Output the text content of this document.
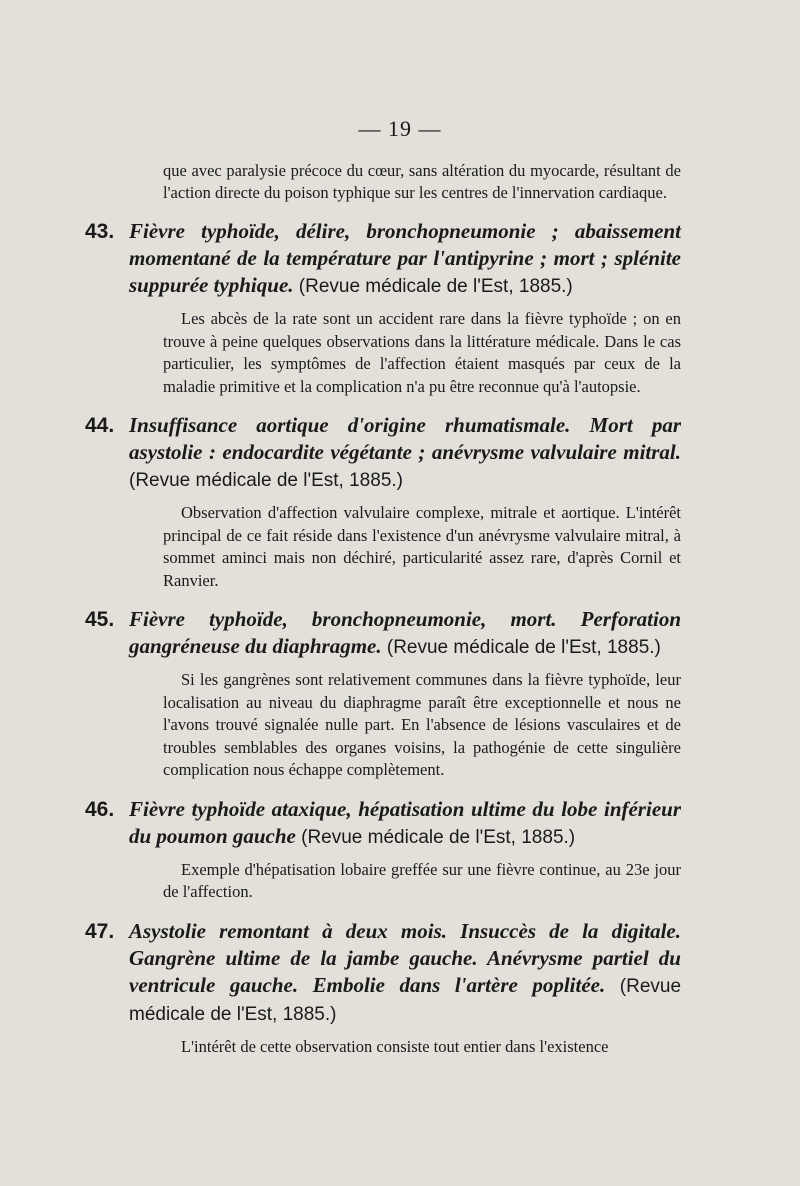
— 19 —

que avec paralysie précoce du cœur, sans altération du myocarde, résultant de l'action directe du poison typhique sur les centres de l'innervation cardiaque.

43. Fièvre typhoïde, délire, bronchopneumonie ; abaissement momentané de la température par l'antipyrine ; mort ; splénite suppurée typhique. (Revue médicale de l'Est, 1885.)

Les abcès de la rate sont un accident rare dans la fièvre typhoïde ; on en trouve à peine quelques observations dans la littérature médicale. Dans le cas particulier, les symptômes de l'affection étaient masqués par ceux de la maladie primitive et la complication n'a pu être reconnue qu'à l'autopsie.

44. Insuffisance aortique d'origine rhumatismale. Mort par asystolie : endocardite végétante ; anévrysme valvulaire mitral. (Revue médicale de l'Est, 1885.)

Observation d'affection valvulaire complexe, mitrale et aortique. L'intérêt principal de ce fait réside dans l'existence d'un anévrysme valvulaire mitral, à sommet aminci mais non déchiré, particularité assez rare, d'après Cornil et Ranvier.

45. Fièvre typhoïde, bronchopneumonie, mort. Perforation gangréneuse du diaphragme. (Revue médicale de l'Est, 1885.)

Si les gangrènes sont relativement communes dans la fièvre typhoïde, leur localisation au niveau du diaphragme paraît être exceptionnelle et nous ne l'avons trouvé signalée nulle part. En l'absence de lésions vasculaires et de troubles semblables des organes voisins, la pathogénie de cette singulière complication nous échappe complètement.

46. Fièvre typhoïde ataxique, hépatisation ultime du lobe inférieur du poumon gauche (Revue médicale de l'Est, 1885.)

Exemple d'hépatisation lobaire greffée sur une fièvre continue, au 23e jour de l'affection.

47. Asystolie remontant à deux mois. Insuccès de la digitale. Gangrène ultime de la jambe gauche. Anévrysme partiel du ventricule gauche. Embolie dans l'artère poplitée. (Revue médicale de l'Est, 1885.)

L'intérêt de cette observation consiste tout entier dans l'existence
